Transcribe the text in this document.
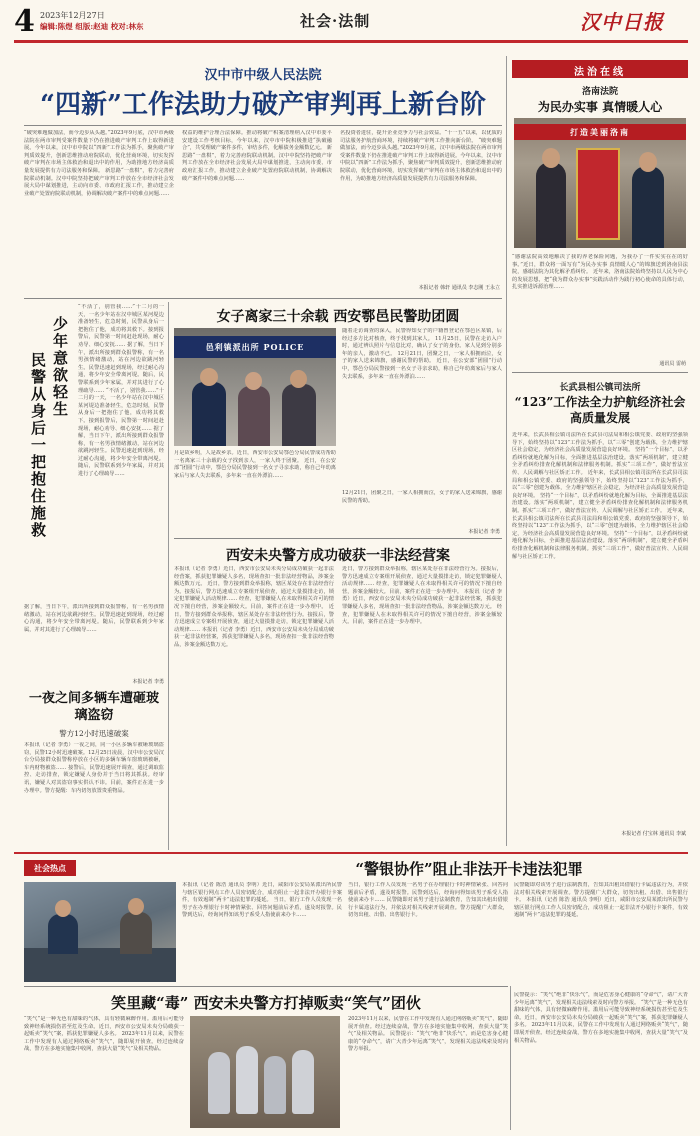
4 2023年12月27日
编辑:陈煜 组版:赵迪 校对:林东	社会·法制	汉中日报
汉中市中级人民法院
“四新”工作法助力破产审判再上新台阶
“破突难题做加法，而今迈步从头越。”2023年9月底，汉中市两级法院在两市审判受案件数量下仍在推进破产审判工作上取得新进展。今年以来，汉中市中院以“四新”工作法为抓手，聚焦破产审判质效提升，创新思维推动府院联动，优化营商环境，切实发挥破产审判在市场主体救治和退出中的作用，为助推地方经济高质量发展提供有力司法服务和保障。 新思路“一盘棋”，着力完善府院联动机制。汉中中院坚持把破产审判工作放在全市经济社会发展大局中谋划推进，主动向市委、市政府汇报工作，推动建立企业破产处置府院联动机制，协调解决破产案件中的难点问题……
权益的维护合理合法保障。推动将破产积案清理纳入汉中市委平安建设工作考核目标，今年以来，汉中市中院积极推进“执破融合”，共受理破产案件多件，审结多件，化解债务金额数亿元。 新思路“一盘棋”，着力完善府院联动机制。汉中中院坚持把破产审判工作放在全市经济社会发展大局中谋划推进，主动向市委、市政府汇报工作，推动建立企业破产处置府院联动机制，协调解决破产案件中的难点问题……
名投资者进驻，提升企业竞争力与社会效益。“十一五”以来，以优质的司法服务护航营商环境，持续将破产审判工作推向新台阶。 “破突难题做加法，而今迈步从头越。”2023年9月底，汉中市两级法院在两市审判受案件数量下仍在推进破产审判工作上取得新进展。今年以来，汉中市中院以“四新”工作法为抓手，聚焦破产审判质效提升，创新思维推动府院联动，优化营商环境，切实发挥破产审判在市场主体救治和退出中的作用，为助推地方经济高质量发展提供有力司法服务和保障。
本报记者 韩轩 通讯员 李志刚 王永立
法治在线
洛南法院
为民办实事 真情暖人心
打造美丽洛南
“感谢法院高效地解决了我的养老保险问题，为我办了一件实实在在的好事。”近日，群众将一面写有“为民办实事 真情暖人心”的锦旗送到洛南县法院，感谢法院为其化解矛盾纠纷。 近年来，洛南法院始终坚持以人民为中心的发展思想，把“我为群众办实事”实践活动作为践行初心使命的具体行动，扎实推进诉源治理……
通讯员 雷萌
长武县相公镇司法所
“123”工作法全力护航经济社会高质量发展
近年来，长武县相公镇司法所在长武县司法局和相公镇党委、政府的坚强领导下，始终坚持以“123”工作法为抓手，以“三零”创建为载体，全力维护辖区社会稳定，为经济社会高质量发展营造良好环境。 坚持“一个目标”，以矛盾纠纷就地化解为目标，全面推进基层法治建设。落实“两项机制”，建立健全矛盾纠纷排查化解机制和法律服务机制。抓实“三项工作”，做好普法宣传、人民调解与社区矫正工作。 近年来，长武县相公镇司法所在长武县司法局和相公镇党委、政府的坚强领导下，始终坚持以“123”工作法为抓手，以“三零”创建为载体，全力维护辖区社会稳定，为经济社会高质量发展营造良好环境。 坚持“一个目标”，以矛盾纠纷就地化解为目标，全面推进基层法治建设。落实“两项机制”，建立健全矛盾纠纷排查化解机制和法律服务机制。抓实“三项工作”，做好普法宣传、人民调解与社区矫正工作。 近年来，长武县相公镇司法所在长武县司法局和相公镇党委、政府的坚强领导下，始终坚持以“123”工作法为抓手，以“三零”创建为载体，全力维护辖区社会稳定，为经济社会高质量发展营造良好环境。 坚持“一个目标”，以矛盾纠纷就地化解为目标，全面推进基层法治建设。落实“两项机制”，建立健全矛盾纠纷排查化解机制和法律服务机制。抓实“三项工作”，做好普法宣传、人民调解与社区矫正工作。
本报记者 付宝林 通讯员 李斌
少年意欲轻生
民警从身后一把抱住施救
“不活了，别管我……”十二月的一天，一名少年站在汉中城区某河堤边准备轻生，危急时刻，民警从身后一把抱住了他，成功将其救下。接到报警后，民警第一时间赶赴现场，耐心劝导、细心安抚…… 据了解，当日下午，派出所接到群众报警称，有一名男孩情绪激动，站在河边欲跳河轻生。民警迅速赶到现场，经过耐心沟通，将少年安全带离河堤。随后，民警联系到少年家属，并对其进行了心理疏导…… “不活了，别管我……”十二月的一天，一名少年站在汉中城区某河堤边准备轻生，危急时刻，民警从身后一把抱住了他，成功将其救下。接到报警后，民警第一时间赶赴现场，耐心劝导、细心安抚…… 据了解，当日下午，派出所接到群众报警称，有一名男孩情绪激动，站在河边欲跳河轻生。民警迅速赶到现场，经过耐心沟通，将少年安全带离河堤。随后，民警联系到少年家属，并对其进行了心理疏导……
据了解，当日下午，派出所接到群众报警称，有一名男孩情绪激动，站在河边欲跳河轻生。民警迅速赶到现场，经过耐心沟通，将少年安全带离河堤。随后，民警联系到少年家属，并对其进行了心理疏导……
本报记者 李勇
一夜之间多辆车遭砸玻璃盗窃
警方12小时迅速破案
本报讯（记者 李勇）一夜之间，同一小区多辆车被砸玻璃盗窃，民警12小时迅速破案。12月25日凌晨，汉中市公安局汉台分局接群众报警称停放在小区的多辆车辆车窗玻璃被砸，车内财物被盗…… 接警后，民警迅速展开调查，通过调取监控、走访排查，锁定嫌疑人身份并于当日将其抓获。经审讯，嫌疑人对其盗窃事实供认不讳。目前，案件正在进一步办理中。警方提醒：车内切勿放置贵重物品。
女子离家三十余载 西安鄠邑民警助团圆
邑利镇派出所 POLICE
随着走访调查的深入，民警得知女子的户籍曾登记在鄠邑区某镇，后经过多方比对核查，终于找到其家人。 11月25日，民警在走访入户时，通过辨认照片与信息比对，确认了女子的身份。家人见到分别多年的亲人，激动不已。 12月21日，团聚之日，一家人相拥而泣，女子的家人送来锦旗，感谢民警的帮助。 近日，在公安部“团圆”行动中，鄠邑分局民警接到一名女子寻亲求助，称自己年幼离家后与家人失去联系，多年来一直在外漂泊……
月是故乡明，人是故乡亲。近日，西安市公安局鄠邑分局民警成功帮助一名离家三十余载的女子找到亲人，一家人终于团聚。 近日，在公安部“团圆”行动中，鄠邑分局民警接到一名女子寻亲求助，称自己年幼离家后与家人失去联系，多年来一直在外漂泊……
12月21日，团聚之日，一家人相拥而泣，女子的家人送来锦旗，感谢民警的帮助。
本报记者 李勇
西安未央警方成功破获一非法经营案
本报讯（记者 李勇）近日，西安市公安局未央分局成功破获一起非法经营案，抓获犯罪嫌疑人多名，现场查扣一批非法经营物品，涉案金额达数万元。 近日，警方接到群众举报称，辖区某处存在非法经营行为。接报后，警方迅速成立专案组开展侦查，通过大量摸排走访，锁定犯罪嫌疑人活动规律…… 经查，犯罪嫌疑人在未取得相关许可的情况下擅自经营，涉案金额较大。目前，案件正在进一步办理中。 近日，警方接到群众举报称，辖区某处存在非法经营行为。接报后，警方迅速成立专案组开展侦查，通过大量摸排走访，锁定犯罪嫌疑人活动规律…… 本报讯（记者 李勇）近日，西安市公安局未央分局成功破获一起非法经营案，抓获犯罪嫌疑人多名，现场查扣一批非法经营物品，涉案金额达数万元。
近日，警方接到群众举报称，辖区某处存在非法经营行为。接报后，警方迅速成立专案组开展侦查，通过大量摸排走访，锁定犯罪嫌疑人活动规律…… 经查，犯罪嫌疑人在未取得相关许可的情况下擅自经营，涉案金额较大。目前，案件正在进一步办理中。 本报讯（记者 李勇）近日，西安市公安局未央分局成功破获一起非法经营案，抓获犯罪嫌疑人多名，现场查扣一批非法经营物品，涉案金额达数万元。 经查，犯罪嫌疑人在未取得相关许可的情况下擅自经营，涉案金额较大。目前，案件正在进一步办理中。
社会热点	“警银协作”阻止非法开卡违法犯罪
本报讯（记者 陈浩 通讯员 李明）近日，咸阳市公安局某派出所民警与辖区银行网点工作人员密切配合，成功阻止一起非法开办银行卡案件，有效遏制“两卡”违法犯罪的蔓延。 当日，银行工作人员发现一名男子在办理银行卡时神情紧张、回答问题前后矛盾，遂及时报警。民警到达后，经询问得知该男子系受人指使前来办卡……
当日，银行工作人员发现一名男子在办理银行卡时神情紧张、回答问题前后矛盾，遂及时报警。民警到达后，经询问得知该男子系受人指使前来办卡…… 民警随即对该男子进行法制教育，告知其出租出借银行卡属违法行为，并依法对相关线索开展调查。警方提醒广大群众，切勿出租、出借、出售银行卡。
民警随即对该男子进行法制教育，告知其出租出借银行卡属违法行为，并依法对相关线索开展调查。警方提醒广大群众，切勿出租、出借、出售银行卡。 本报讯（记者 陈浩 通讯员 李明）近日，咸阳市公安局某派出所民警与辖区银行网点工作人员密切配合，成功阻止一起非法开办银行卡案件，有效遏制“两卡”违法犯罪的蔓延。
笑里藏“毒” 西安未央警方打掉贩卖“笑气”团伙
“笑气”是一种无色有甜味的气体，具有轻微麻醉作用。滥用后可能导致神经系统损伤甚至危及生命。近日，西安市公安局未央分局破获一起贩卖“笑气”案，抓获犯罪嫌疑人多名。 2023年11月以来，民警在工作中发现有人通过网络贩卖“笑气”，随即展开侦查。经过连续奋战，警方在多地实施集中收网，查获大量“笑气”及相关物品。
2023年11月以来，民警在工作中发现有人通过网络贩卖“笑气”，随即展开侦查。经过连续奋战，警方在多地实施集中收网，查获大量“笑气”及相关物品。 民警提示：“笑气”绝非“快乐气”，而是危害身心健康的“夺命气”，请广大青少年远离“笑气”，发现相关违法线索及时向警方举报。
民警提示：“笑气”绝非“快乐气”，而是危害身心健康的“夺命气”，请广大青少年远离“笑气”，发现相关违法线索及时向警方举报。 “笑气”是一种无色有甜味的气体，具有轻微麻醉作用。滥用后可能导致神经系统损伤甚至危及生命。近日，西安市公安局未央分局破获一起贩卖“笑气”案，抓获犯罪嫌疑人多名。 2023年11月以来，民警在工作中发现有人通过网络贩卖“笑气”，随即展开侦查。经过连续奋战，警方在多地实施集中收网，查获大量“笑气”及相关物品。
